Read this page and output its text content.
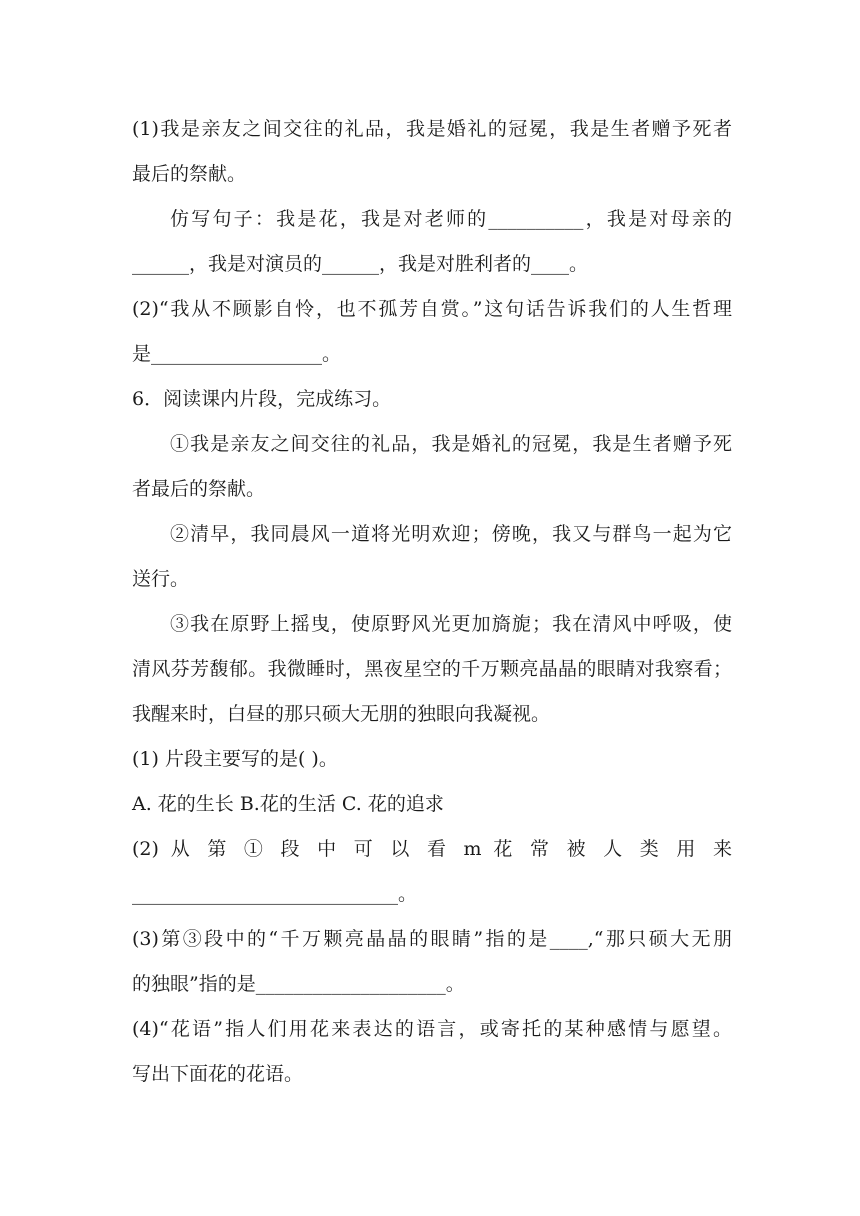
(1)我是亲友之间交往的礼品，我是婚礼的冠冕，我是生者赠予死者
最后的祭献。
仿写句子：我是花，我是对老师的__________，我是对母亲的
______，我是对演员的______，我是对胜利者的____。
(2)“我从不顾影自怜，也不孤芳自赏。”这句话告诉我们的人生哲理
是__________________。
6．阅读课内片段，完成练习。
①我是亲友之间交往的礼品，我是婚礼的冠冕，我是生者赠予死
者最后的祭献。
②清早，我同晨风一道将光明欢迎；傍晚，我又与群鸟一起为它
送行。
③我在原野上摇曳，使原野风光更加旖旎；我在清风中呼吸，使
清风芬芳馥郁。我微睡时，黑夜星空的千万颗亮晶晶的眼睛对我察看；
我醒来时，白昼的那只硕大无朋的独眼向我凝视。
(1) 片段主要写的是( )。
A. 花的生长 B.花的生活 C. 花的追求
(2) 从 第 ① 段 中 可 以 看 m 花 常 被 人 类 用 来
____________________________。
(3)第③段中的“千万颗亮晶晶的眼睛”指的是____,“那只硕大无朋
的独眼”指的是____________________。
(4)“花语”指人们用花来表达的语言，或寄托的某种感情与愿望。
写出下面花的花语。
